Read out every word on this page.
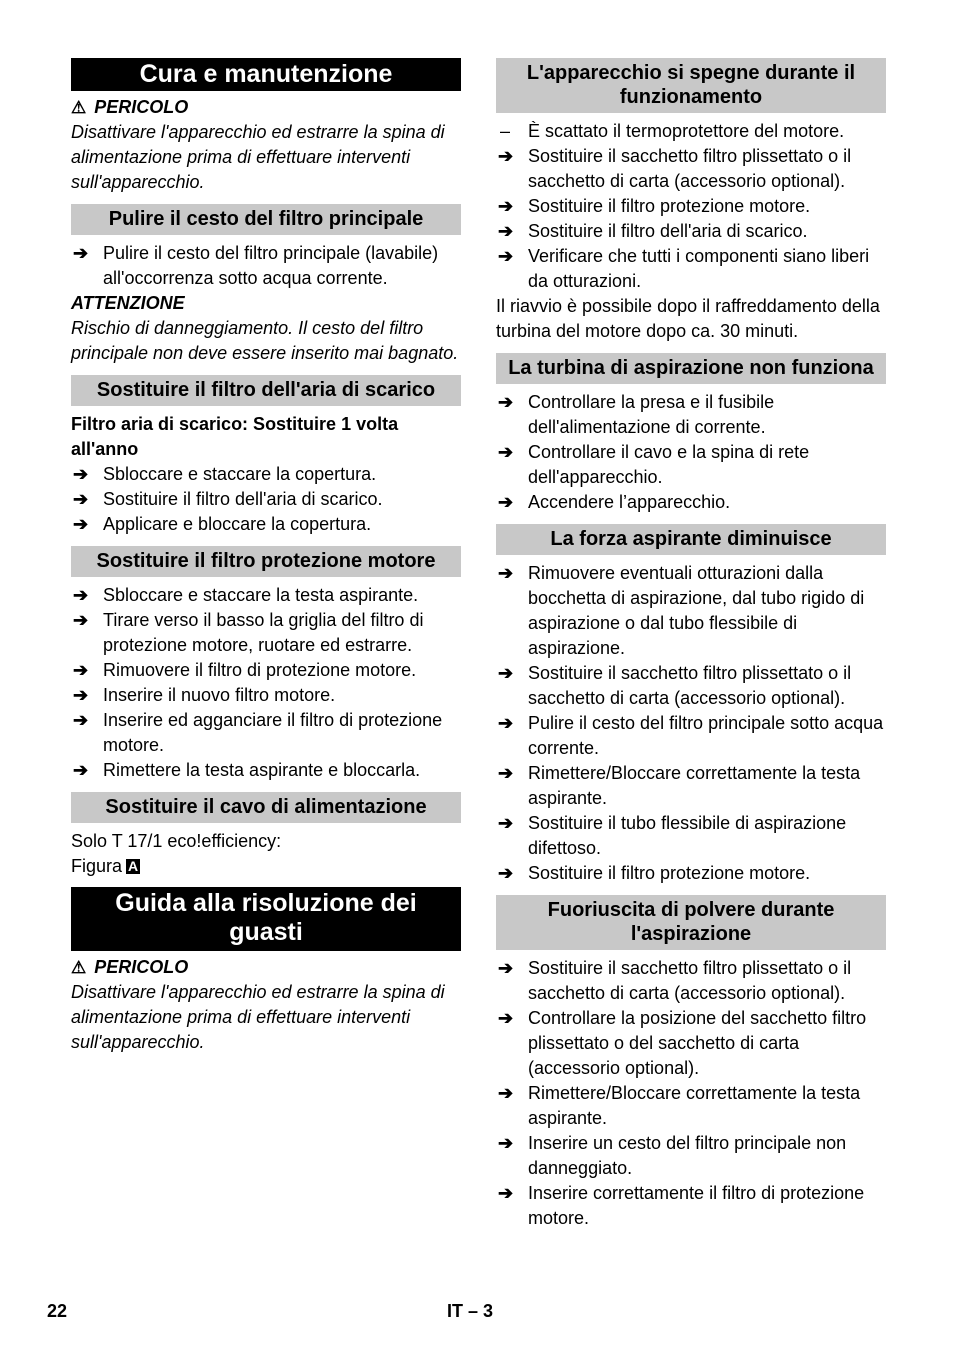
Cura e manutenzione
⚠ PERICOLO

Disattivare l'apparecchio ed estrarre la spina di alimentazione prima di effettuare interventi sull'apparecchio.

Pulire il cesto del filtro principale
➔ Pulire il cesto del filtro principale (lavabile) all'occorrenza sotto acqua corrente.
ATTENZIONE

Rischio di danneggiamento. Il cesto del filtro principale non deve essere inserito mai bagnato.

Sostituire il filtro dell'aria di scarico

Filtro aria di scarico: Sostituire 1 volta all'anno

➔ Sbloccare e staccare la copertura.
➔ Sostituire il filtro dell'aria di scarico.
➔ Applicare e bloccare la copertura.
Sostituire il filtro protezione motore
➔ Sbloccare e staccare la testa aspirante.
➔ Tirare verso il basso la griglia del filtro di protezione motore, ruotare ed estrarre.
➔ Rimuovere il filtro di protezione motore.
➔ Inserire il nuovo filtro motore.
➔ Inserire ed agganciare il filtro di protezione motore.
➔ Rimettere la testa aspirante e bloccarla.
Sostituire il cavo di alimentazione

Solo T 17/1 eco!efficiency:

Figura A

Guida alla risoluzione dei guasti
⚠ PERICOLO

Disattivare l'apparecchio ed estrarre la spina di alimentazione prima di effettuare interventi sull'apparecchio.

L'apparecchio si spegne durante il funzionamento
– È scattato il termoprotettore del motore.
➔ Sostituire il sacchetto filtro plissettato o il sacchetto di carta (accessorio optional).
➔ Sostituire il filtro protezione motore.
➔ Sostituire il filtro dell'aria di scarico.
➔ Verificare che tutti i componenti siano liberi da otturazioni.

Il riavvio è possibile dopo il raffreddamento della turbina del motore dopo ca. 30 minuti.

La turbina di aspirazione non funziona
➔ Controllare la presa e il fusibile dell'alimentazione di corrente.
➔ Controllare il cavo e la spina di rete dell'apparecchio.
➔ Accendere l’apparecchio.
La forza aspirante diminuisce
➔ Rimuovere eventuali otturazioni dalla bocchetta di aspirazione, dal tubo rigido di aspirazione o dal tubo flessibile di aspirazione.
➔ Sostituire il sacchetto filtro plissettato o il sacchetto di carta (accessorio optional).
➔ Pulire il cesto del filtro principale sotto acqua corrente.
➔ Rimettere/Bloccare correttamente la testa aspirante.
➔ Sostituire il tubo flessibile di aspirazione difettoso.
➔ Sostituire il filtro protezione motore.
Fuoriuscita di polvere durante l'aspirazione
➔ Sostituire il sacchetto filtro plissettato o il sacchetto di carta (accessorio optional).
➔ Controllare la posizione del sacchetto filtro plissettato o del sacchetto di carta (accessorio optional).
➔ Rimettere/Bloccare correttamente la testa aspirante.
➔ Inserire un cesto del filtro principale non danneggiato.
➔ Inserire correttamente il filtro di protezione motore.
22	IT – 3
